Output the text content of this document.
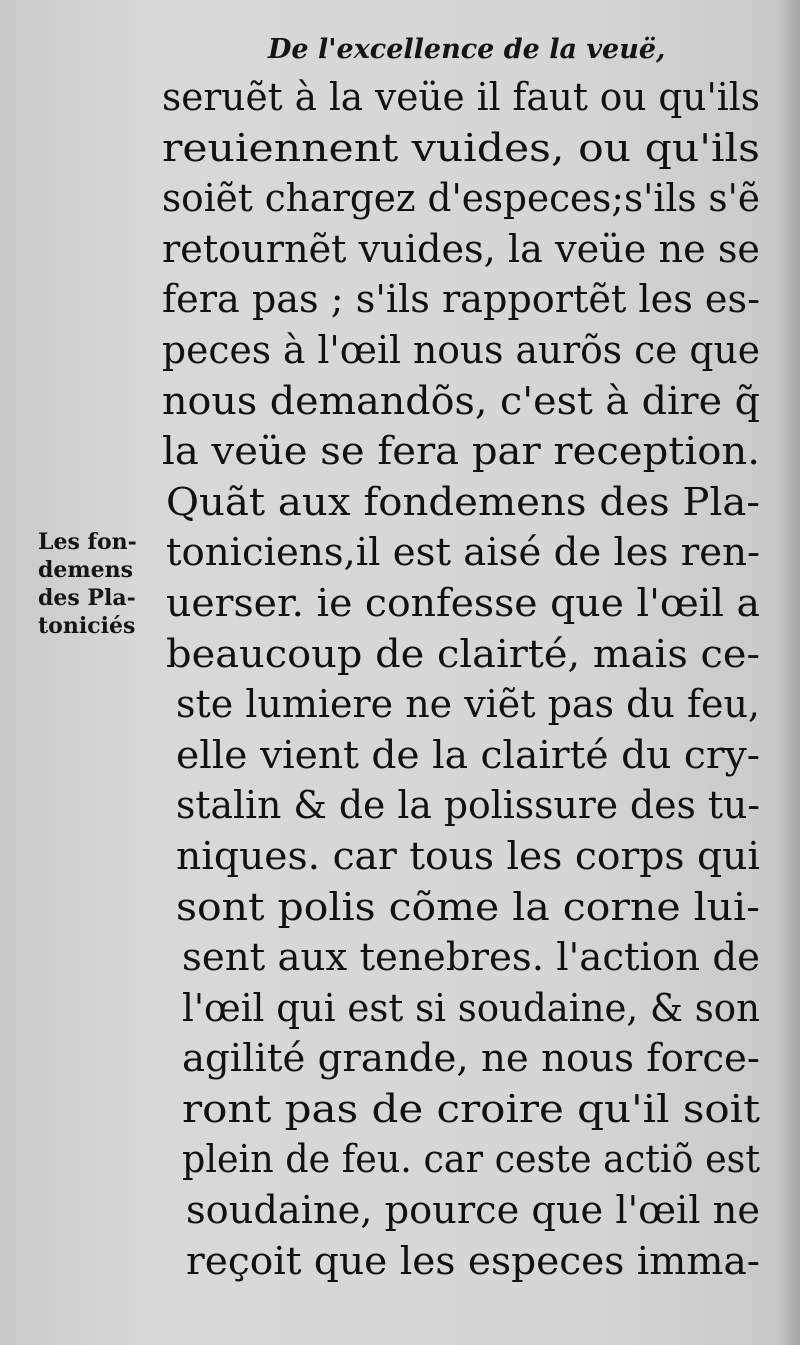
De l'excellence de la veuë,
Les fon-
demens
des Pla-
toniciés
seruẽt à la veüe il faut ou qu'ils
reuiennent vuides, ou qu'ils
soiẽt chargez d'especes;s'ils s'ẽ
retournẽt vuides, la veüe ne se
fera pas ; s'ils rapportẽt les es-
peces à l'œil nous aurõs ce que
nous demandõs, c'est à dire q̃
la veüe se fera par reception.
Quãt aux fondemens des Pla-
toniciens,il est aisé de les ren-
uerser. ie confesse que l'œil a
beaucoup de clairté, mais ce-
ste lumiere ne viẽt pas du feu,
elle vient de la clairté du cry-
stalin & de la polissure des tu-
niques. car tous les corps qui
sont polis cõme la corne lui-
sent aux tenebres. l'action de
l'œil qui est si soudaine, & son
agilité grande, ne nous force-
ront pas de croire qu'il soit
plein de feu. car ceste actiõ est
soudaine, pource que l'œil ne
reçoit que les especes imma-
